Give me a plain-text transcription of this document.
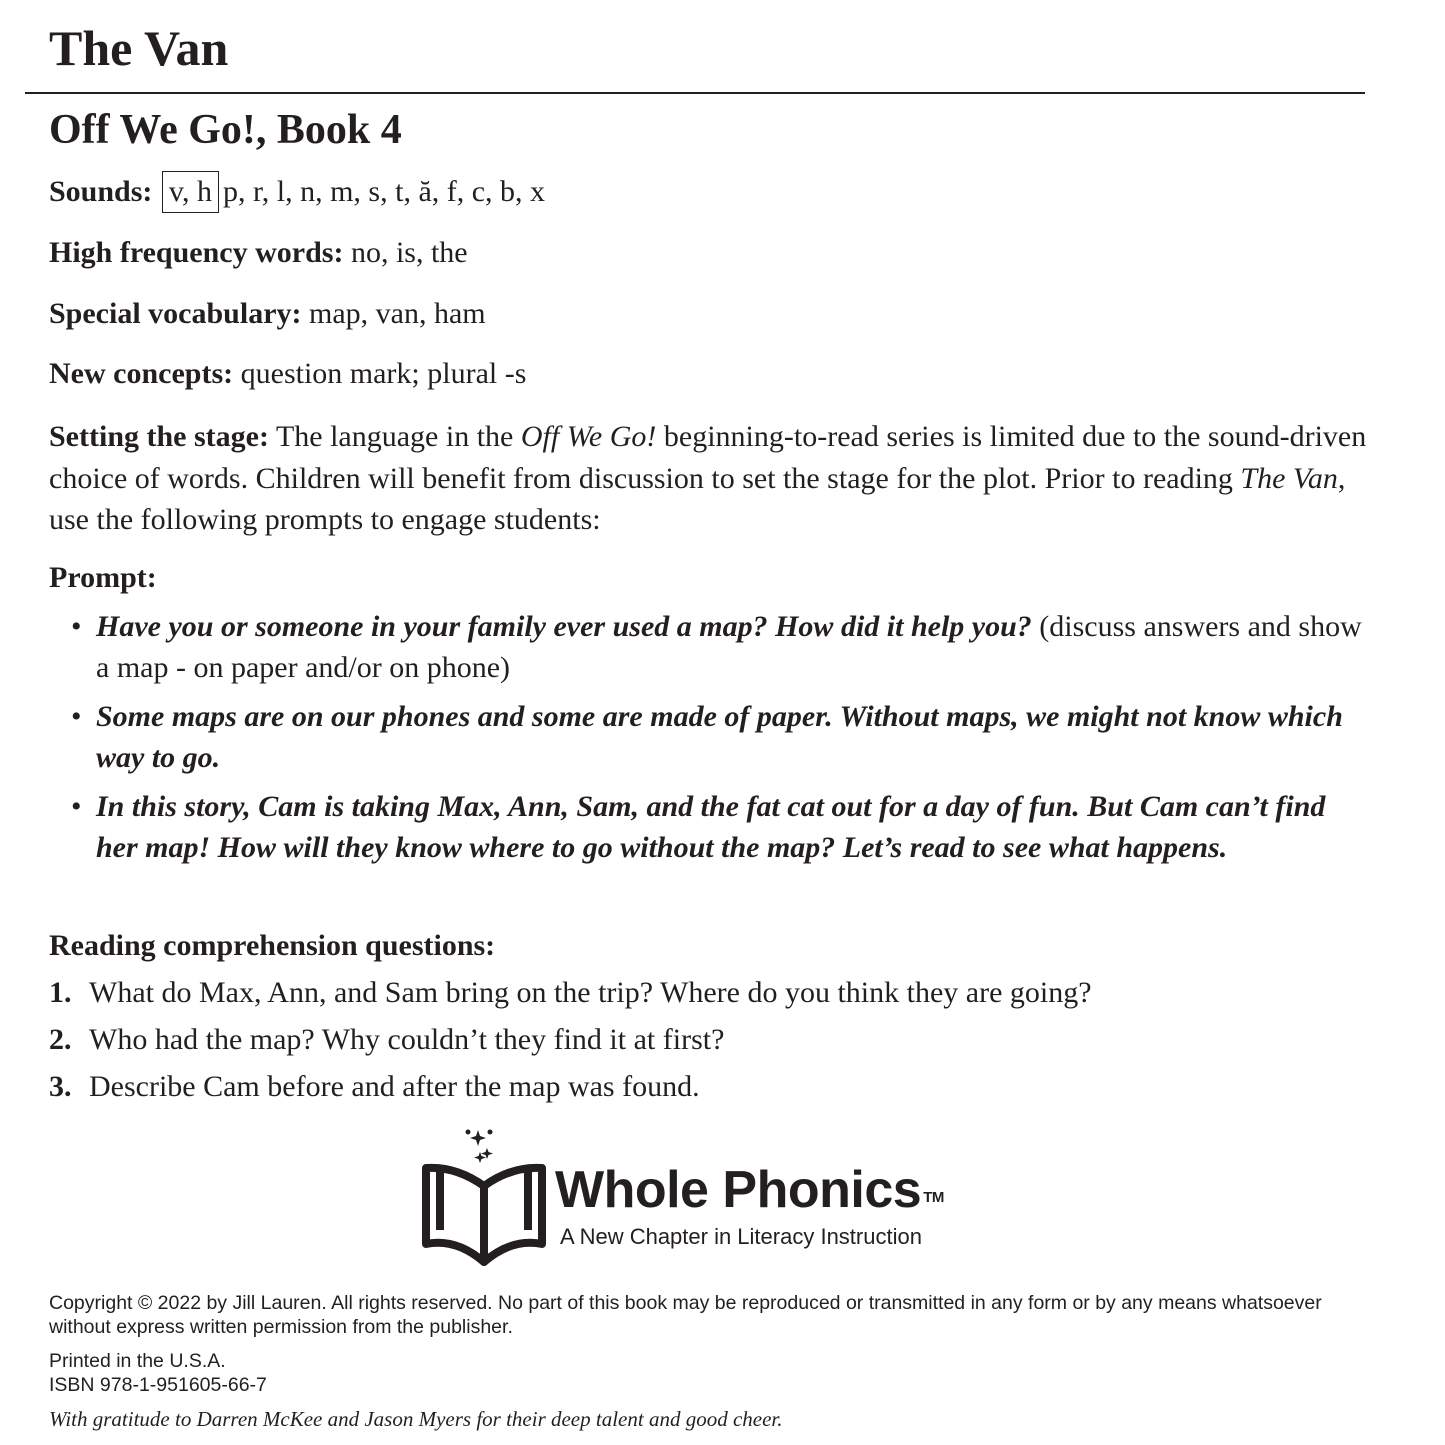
The Van
Off We Go!, Book 4
Sounds: v, h p, r, l, n, m, s, t, ă, f, c, b, x
High frequency words: no, is, the
Special vocabulary: map, van, ham
New concepts: question mark; plural -s
Setting the stage: The language in the Off We Go! beginning-to-read series is limited due to the sound-driven choice of words. Children will benefit from discussion to set the stage for the plot. Prior to reading The Van, use the following prompts to engage students:
Prompt:
• Have you or someone in your family ever used a map? How did it help you? (discuss answers and show a map - on paper and/or on phone)
• Some maps are on our phones and some are made of paper. Without maps, we might not know which way to go.
• In this story, Cam is taking Max, Ann, Sam, and the fat cat out for a day of fun. But Cam can’t find her map! How will they know where to go without the map? Let’s read to see what happens.
Reading comprehension questions:
1. What do Max, Ann, and Sam bring on the trip? Where do you think they are going?
2. Who had the map? Why couldn’t they find it at first?
3. Describe Cam before and after the map was found.
Whole Phonics ™
A New Chapter in Literacy Instruction
Copyright © 2022 by Jill Lauren. All rights reserved. No part of this book may be reproduced or transmitted in any form or by any means whatsoever without express written permission from the publisher.
Printed in the U.S.A.
ISBN 978-1-951605-66-7
With gratitude to Darren McKee and Jason Myers for their deep talent and good cheer.
